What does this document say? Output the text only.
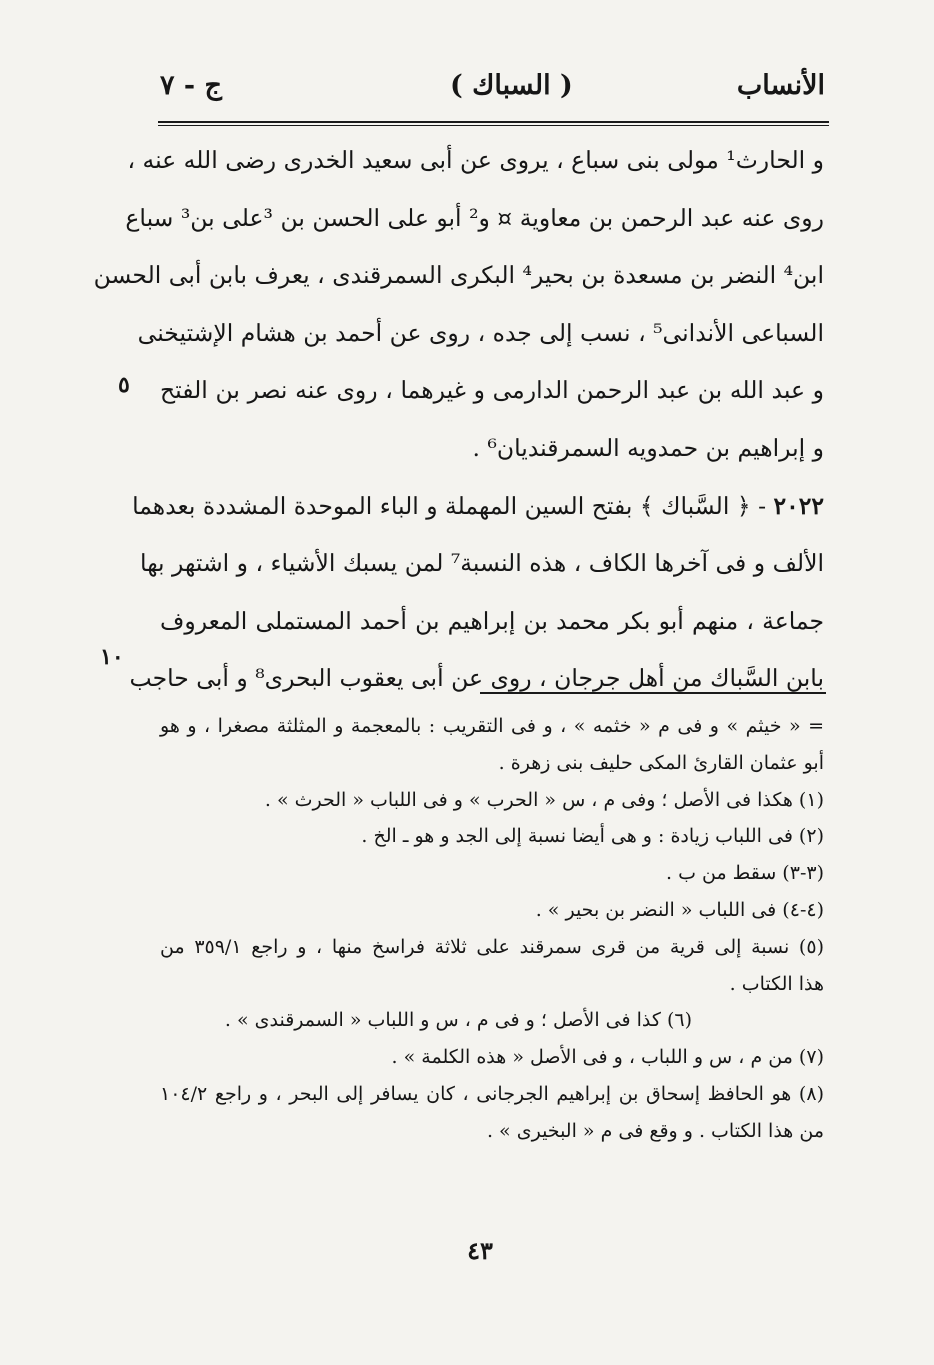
الأنساب
( السباك )
ج - ٧
و الحارث¹ مولى بنى سباع ، يروى عن أبى سعيد الخدرى رضى الله عنه ،
روى عنه عبد الرحمن بن معاوية ¤ و² أبو على الحسن بن ³على بن³ سباع
ابن⁴ النضر بن مسعدة بن بحير⁴ البكرى السمرقندى ، يعرف بابن أبى الحسن
السباعى الأندانى⁵ ، نسب إلى جده ، روى عن أحمد بن هشام الإشتيخنى
و عبد الله بن عبد الرحمن الدارمى و غيرهما ، روى عنه نصر بن الفتح
و إبراهيم بن حمدويه السمرقنديان⁶ .
٢٠٢٢ - ﴿ السَّباك ﴾ بفتح السين المهملة و الباء الموحدة المشددة بعدهما
الألف و فى آخرها الكاف ، هذه النسبة⁷ لمن يسبك الأشياء ، و اشتهر بها
جماعة ، منهم أبو بكر محمد بن إبراهيم بن أحمد المستملى المعروف
بابن السَّباك من أهل جرجان ، روى عن أبى يعقوب البحرى⁸ و أبى حاجب
٥
١٠
= « خيثم » و فى م « خثمه » ، و فى التقريب : بالمعجمة و المثلثة مصغرا ، و هو
أبو عثمان القارئ المكى حليف بنى زهرة .
(١) هكذا فى الأصل ؛ وفى م ، س « الحرب » و فى اللباب « الحرث » .
(٢) فى اللباب زيادة : و هى أيضا نسبة إلى الجد و هو ـ الخ .
(٣-٣) سقط من ب .
(٤-٤) فى اللباب « النضر بن بحير » .
(٥) نسبة إلى قرية من قرى سمرقند على ثلاثة فراسخ منها ، و راجع ٣٥٩/١ من
هذا الكتاب .
(٦) كذا فى الأصل ؛ و فى م ، س و اللباب « السمرقندى » .
(٧) من م ، س و اللباب ، و فى الأصل « هذه الكلمة » .
(٨) هو الحافظ إسحاق بن إبراهيم الجرجانى ، كان يسافر إلى البحر ، و راجع ١٠٤/٢
من هذا الكتاب . و وقع فى م « البخيرى » .
٤٣
